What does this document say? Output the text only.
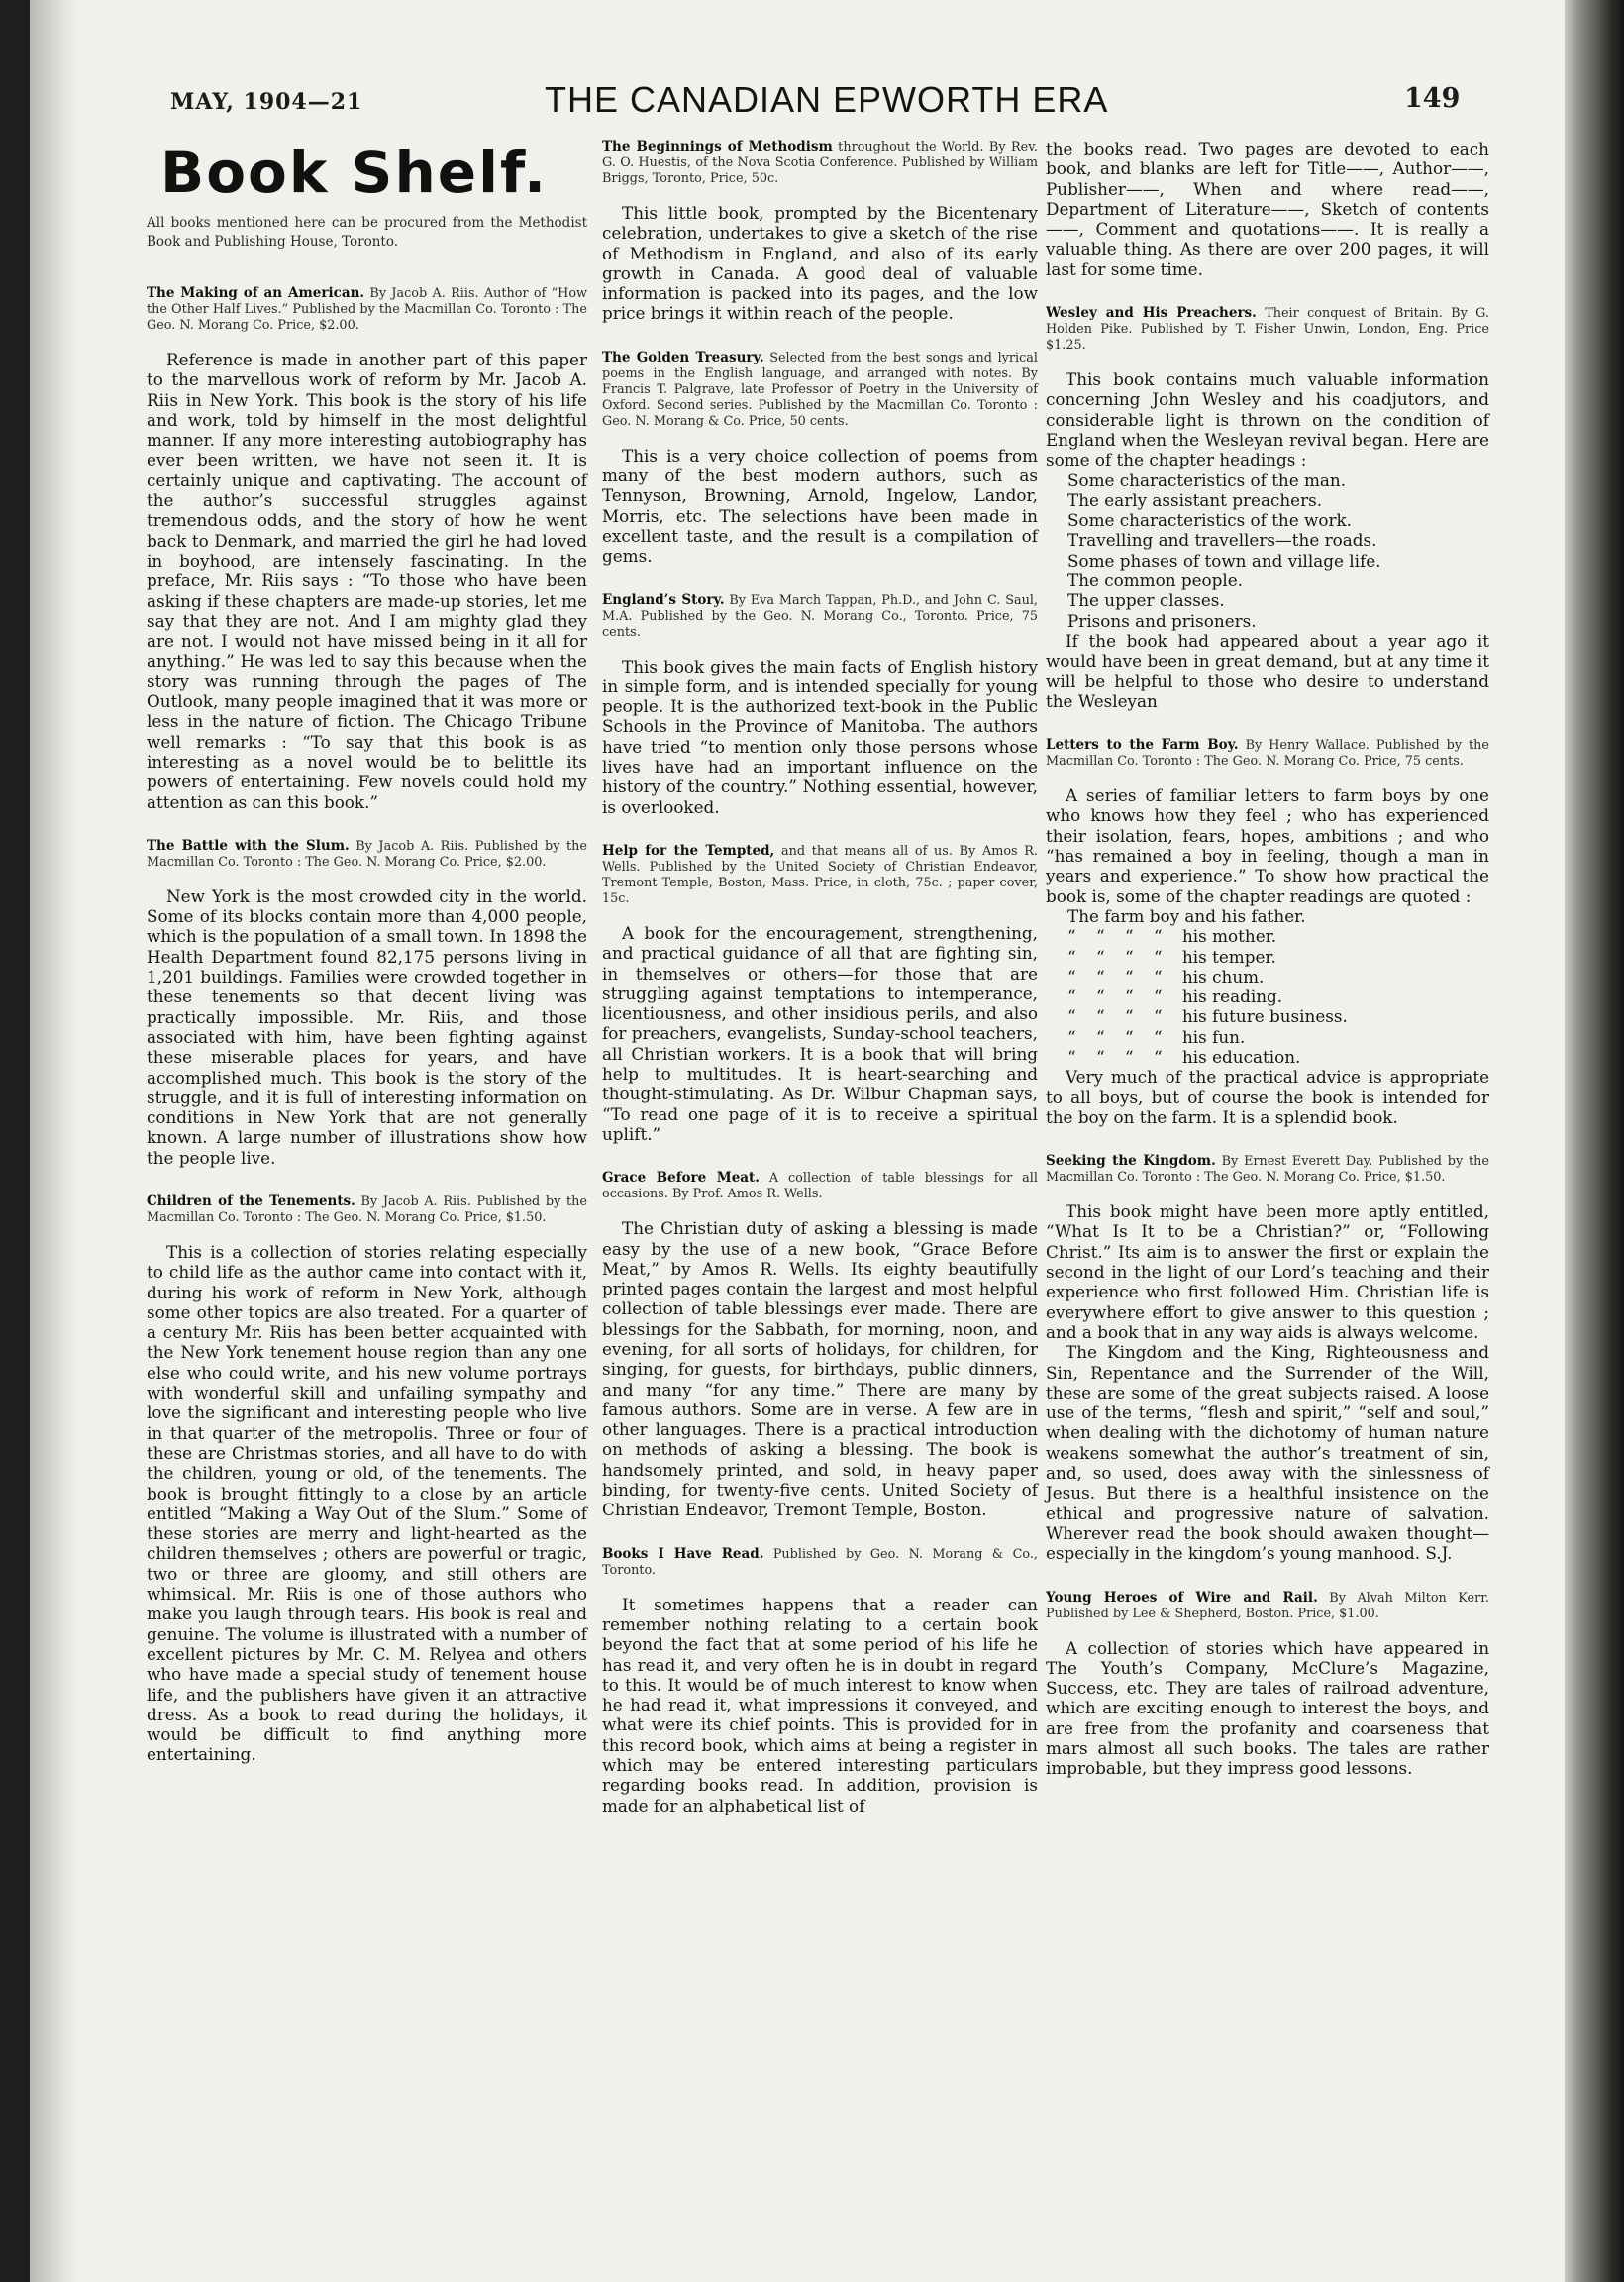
MAY, 1904—21	THE CANADIAN EPWORTH ERA	149
Book Shelf.

All books mentioned here can be procured from the Methodist Book and Publishing House, Toronto.

The Making of an American. By Jacob A. Riis. Author of “How the Other Half Lives.” Published by the Macmillan Co. Toronto : The Geo. N. Morang Co. Price, $2.00.

Reference is made in another part of this paper to the marvellous work of reform by Mr. Jacob A. Riis in New York. This book is the story of his life and work, told by himself in the most delightful manner. If any more interesting autobiography has ever been written, we have not seen it. It is certainly unique and captivating. The account of the author’s successful struggles against tremendous odds, and the story of how he went back to Denmark, and married the girl he had loved in boyhood, are intensely fascinating. In the preface, Mr. Riis says : “To those who have been asking if these chapters are made-up stories, let me say that they are not. And I am mighty glad they are not. I would not have missed being in it all for anything.” He was led to say this because when the story was running through the pages of The Outlook, many people imagined that it was more or less in the nature of fiction. The Chicago Tribune well remarks : “To say that this book is as interesting as a novel would be to belittle its powers of entertaining. Few novels could hold my attention as can this book.”

The Battle with the Slum. By Jacob A. Riis. Published by the Macmillan Co. Toronto : The Geo. N. Morang Co. Price, $2.00.

New York is the most crowded city in the world. Some of its blocks contain more than 4,000 people, which is the population of a small town. In 1898 the Health Department found 82,175 persons living in 1,201 buildings. Families were crowded together in these tenements so that decent living was practically impossible. Mr. Riis, and those associated with him, have been fighting against these miserable places for years, and have accomplished much. This book is the story of the struggle, and it is full of interesting information on conditions in New York that are not generally known. A large number of illustrations show how the people live.

Children of the Tenements. By Jacob A. Riis. Published by the Macmillan Co. Toronto : The Geo. N. Morang Co. Price, $1.50.

This is a collection of stories relating especially to child life as the author came into contact with it, during his work of reform in New York, although some other topics are also treated. For a quarter of a century Mr. Riis has been better acquainted with the New York tenement house region than any one else who could write, and his new volume portrays with wonderful skill and unfailing sympathy and love the significant and interesting people who live in that quarter of the metropolis. Three or four of these are Christmas stories, and all have to do with the children, young or old, of the tenements. The book is brought fittingly to a close by an article entitled “Making a Way Out of the Slum.” Some of these stories are merry and light-hearted as the children themselves ; others are powerful or tragic, two or three are gloomy, and still others are whimsical. Mr. Riis is one of those authors who make you laugh through tears. His book is real and genuine. The volume is illustrated with a number of excellent pictures by Mr. C. M. Relyea and others who have made a special study of tenement house life, and the publishers have given it an attractive dress. As a book to read during the holidays, it would be difficult to find anything more entertaining.

The Beginnings of Methodism throughout the World. By Rev. G. O. Huestis, of the Nova Scotia Conference. Published by William Briggs, Toronto, Price, 50c.

This little book, prompted by the Bicentenary celebration, undertakes to give a sketch of the rise of Methodism in England, and also of its early growth in Canada. A good deal of valuable information is packed into its pages, and the low price brings it within reach of the people.

The Golden Treasury. Selected from the best songs and lyrical poems in the English language, and arranged with notes. By Francis T. Palgrave, late Professor of Poetry in the University of Oxford. Second series. Published by the Macmillan Co. Toronto : Geo. N. Morang & Co. Price, 50 cents.

This is a very choice collection of poems from many of the best modern authors, such as Tennyson, Browning, Arnold, Ingelow, Landor, Morris, etc. The selections have been made in excellent taste, and the result is a compilation of gems.

England’s Story. By Eva March Tappan, Ph.D., and John C. Saul, M.A. Published by the Geo. N. Morang Co., Toronto. Price, 75 cents.

This book gives the main facts of English history in simple form, and is intended specially for young people. It is the authorized text-book in the Public Schools in the Province of Manitoba. The authors have tried “to mention only those persons whose lives have had an important influence on the history of the country.” Nothing essential, however, is overlooked.

Help for the Tempted, and that means all of us. By Amos R. Wells. Published by the United Society of Christian Endeavor, Tremont Temple, Boston, Mass. Price, in cloth, 75c. ; paper cover, 15c.

A book for the encouragement, strengthening, and practical guidance of all that are fighting sin, in themselves or others—for those that are struggling against temptations to intemperance, licentiousness, and other insidious perils, and also for preachers, evangelists, Sunday-school teachers, all Christian workers. It is a book that will bring help to multitudes. It is heart-searching and thought-stimulating. As Dr. Wilbur Chapman says, “To read one page of it is to receive a spiritual uplift.”

Grace Before Meat. A collection of table blessings for all occasions. By Prof. Amos R. Wells.

The Christian duty of asking a blessing is made easy by the use of a new book, “Grace Before Meat,” by Amos R. Wells. Its eighty beautifully printed pages contain the largest and most helpful collection of table blessings ever made. There are blessings for the Sabbath, for morning, noon, and evening, for all sorts of holidays, for children, for singing, for guests, for birthdays, public dinners, and many “for any time.” There are many by famous authors. Some are in verse. A few are in other languages. There is a practical introduction on methods of asking a blessing. The book is handsomely printed, and sold, in heavy paper binding, for twenty-five cents. United Society of Christian Endeavor, Tremont Temple, Boston.

Books I Have Read. Published by Geo. N. Morang & Co., Toronto.

It sometimes happens that a reader can remember nothing relating to a certain book beyond the fact that at some period of his life he has read it, and very often he is in doubt in regard to this. It would be of much interest to know when he had read it, what impressions it conveyed, and what were its chief points. This is provided for in this record book, which aims at being a register in which may be entered interesting particulars regarding books read. In addition, provision is made for an alphabetical list of

the books read. Two pages are devoted to each book, and blanks are left for Title——, Author——, Publisher——, When and where read——, Department of Literature——, Sketch of contents——, Comment and quotations——. It is really a valuable thing. As there are over 200 pages, it will last for some time.

Wesley and His Preachers. Their conquest of Britain. By G. Holden Pike. Published by T. Fisher Unwin, London, Eng. Price $1.25.

This book contains much valuable information concerning John Wesley and his coadjutors, and considerable light is thrown on the condition of England when the Wesleyan revival began. Here are some of the chapter headings :

Some characteristics of the man.
The early assistant preachers.
Some characteristics of the work.
Travelling and travellers—the roads.
Some phases of town and village life.
The common people.
The upper classes.
Prisons and prisoners.

If the book had appeared about a year ago it would have been in great demand, but at any time it will be helpful to those who desire to understand the Wesleyan

Letters to the Farm Boy. By Henry Wallace. Published by the Macmillan Co. Toronto : The Geo. N. Morang Co. Price, 75 cents.

A series of familiar letters to farm boys by one who knows how they feel ; who has experienced their isolation, fears, hopes, ambitions ; and who “has remained a boy in feeling, though a man in years and experience.” To show how practical the book is, some of the chapter readings are quoted :

The farm boy and his father.
“ “ “ “ his mother.
“ “ “ “ his temper.
“ “ “ “ his chum.
“ “ “ “ his reading.
“ “ “ “ his future business.
“ “ “ “ his fun.
“ “ “ “ his education.

Very much of the practical advice is appropriate to all boys, but of course the book is intended for the boy on the farm. It is a splendid book.

Seeking the Kingdom. By Ernest Everett Day. Published by the Macmillan Co. Toronto : The Geo. N. Morang Co. Price, $1.50.

This book might have been more aptly entitled, “What Is It to be a Christian?” or, “Following Christ.” Its aim is to answer the first or explain the second in the light of our Lord’s teaching and their experience who first followed Him. Christian life is everywhere effort to give answer to this question ; and a book that in any way aids is always welcome.

The Kingdom and the King, Righteousness and Sin, Repentance and the Surrender of the Will, these are some of the great subjects raised. A loose use of the terms, “flesh and spirit,” “self and soul,” when dealing with the dichotomy of human nature weakens somewhat the author’s treatment of sin, and, so used, does away with the sinlessness of Jesus. But there is a healthful insistence on the ethical and progressive nature of salvation. Wherever read the book should awaken thought—especially in the kingdom’s young manhood. S.J.

Young Heroes of Wire and Rail. By Alvah Milton Kerr. Published by Lee & Shepherd, Boston. Price, $1.00.

A collection of stories which have appeared in The Youth’s Company, McClure’s Magazine, Success, etc. They are tales of railroad adventure, which are exciting enough to interest the boys, and are free from the profanity and coarseness that mars almost all such books. The tales are rather improbable, but they impress good lessons.
